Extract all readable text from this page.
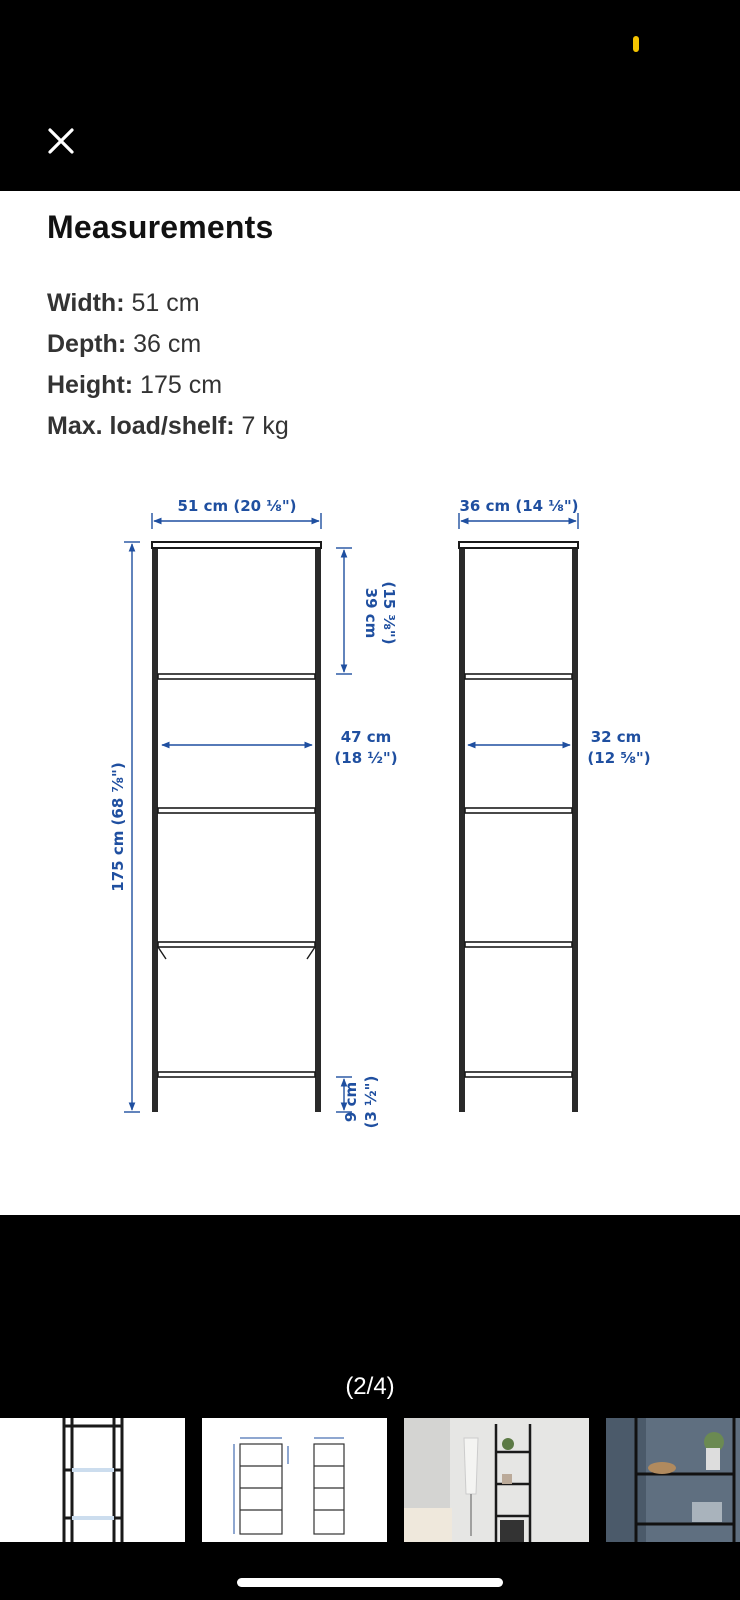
Measurements
Width: 51 cm
Depth: 36 cm
Height: 175 cm
Max. load/shelf: 7 kg
51 cm (20 ⅛")	36 cm (14 ⅛")
175 cm (68 ⅞")
39 cm (15 ⅜")
47 cm
(18 ½")
32 cm
(12 ⅝")
9 cm (3 ½")
(2/4)
